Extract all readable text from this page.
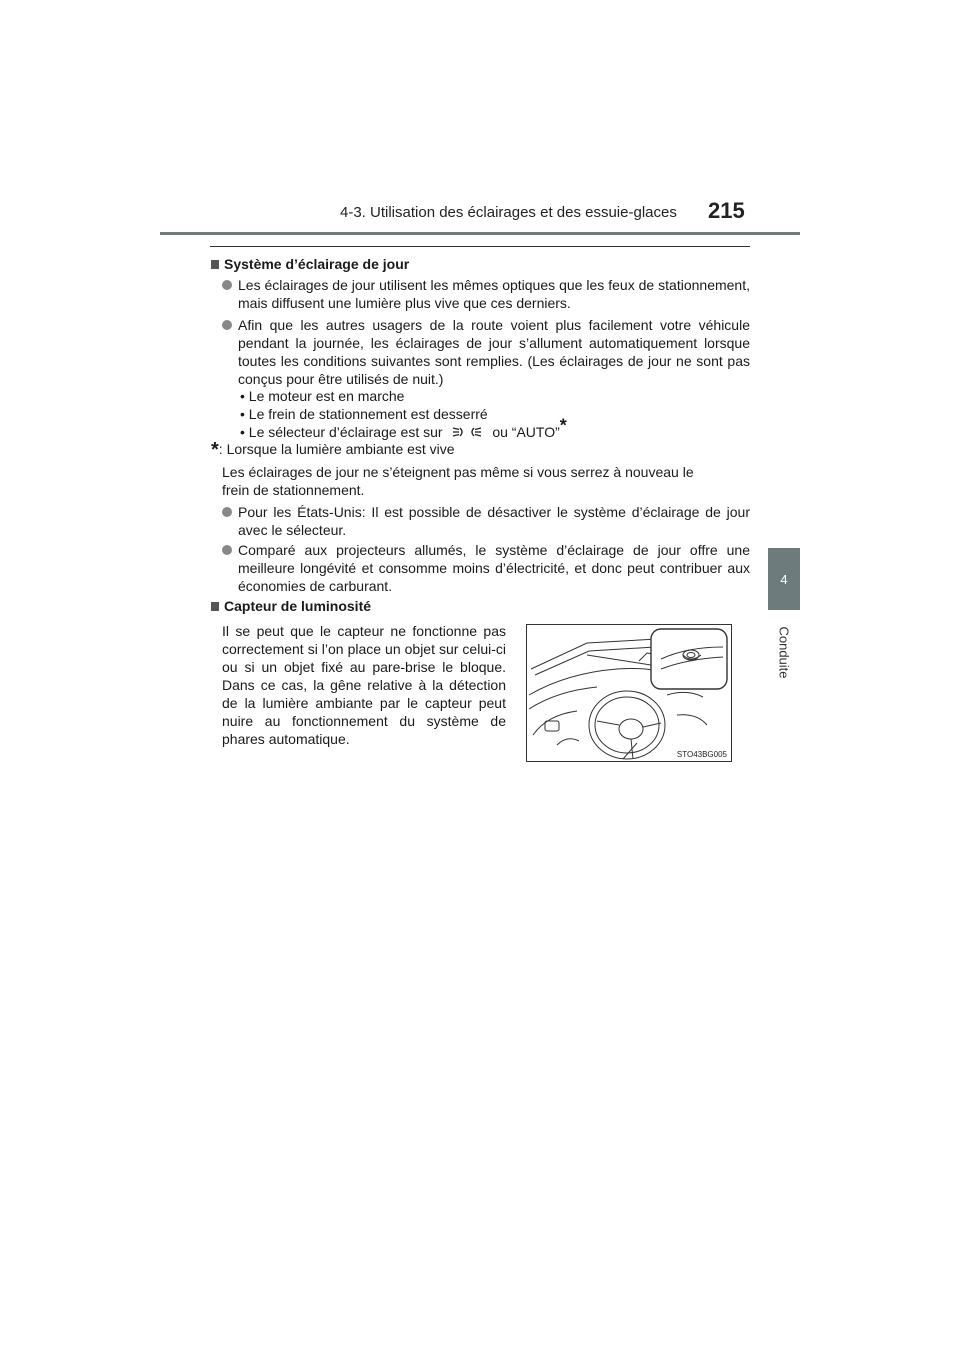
4-3. Utilisation des éclairages et des essuie-glaces 215
4
Conduite
Système d’éclairage de jour
Les éclairages de jour utilisent les mêmes optiques que les feux de stationnement, mais diffusent une lumière plus vive que ces derniers.
Afin que les autres usagers de la route voient plus facilement votre véhicule pendant la journée, les éclairages de jour s’allument automatiquement lorsque toutes les conditions suivantes sont remplies. (Les éclairages de jour ne sont pas conçus pour être utilisés de nuit.)
• Le moteur est en marche
• Le frein de stationnement est desserré
• Le sélecteur d’éclairage est sur	ou “AUTO”*
*: Lorsque la lumière ambiante est vive
Les éclairages de jour ne s’éteignent pas même si vous serrez à nouveau le frein de stationnement.
Pour les États-Unis: Il est possible de désactiver le système d’éclairage de jour avec le sélecteur.
Comparé aux projecteurs allumés, le système d’éclairage de jour offre une meilleure longévité et consomme moins d’électricité, et donc peut contribuer aux économies de carburant.
Capteur de luminosité
Il se peut que le capteur ne fonctionne pas correctement si l’on place un objet sur celui-ci ou si un objet fixé au pare-brise le bloque. Dans ce cas, la gêne relative à la détection de la lumière ambiante par le capteur peut nuire au fonctionnement du système de phares automatique.
STO43BG005
